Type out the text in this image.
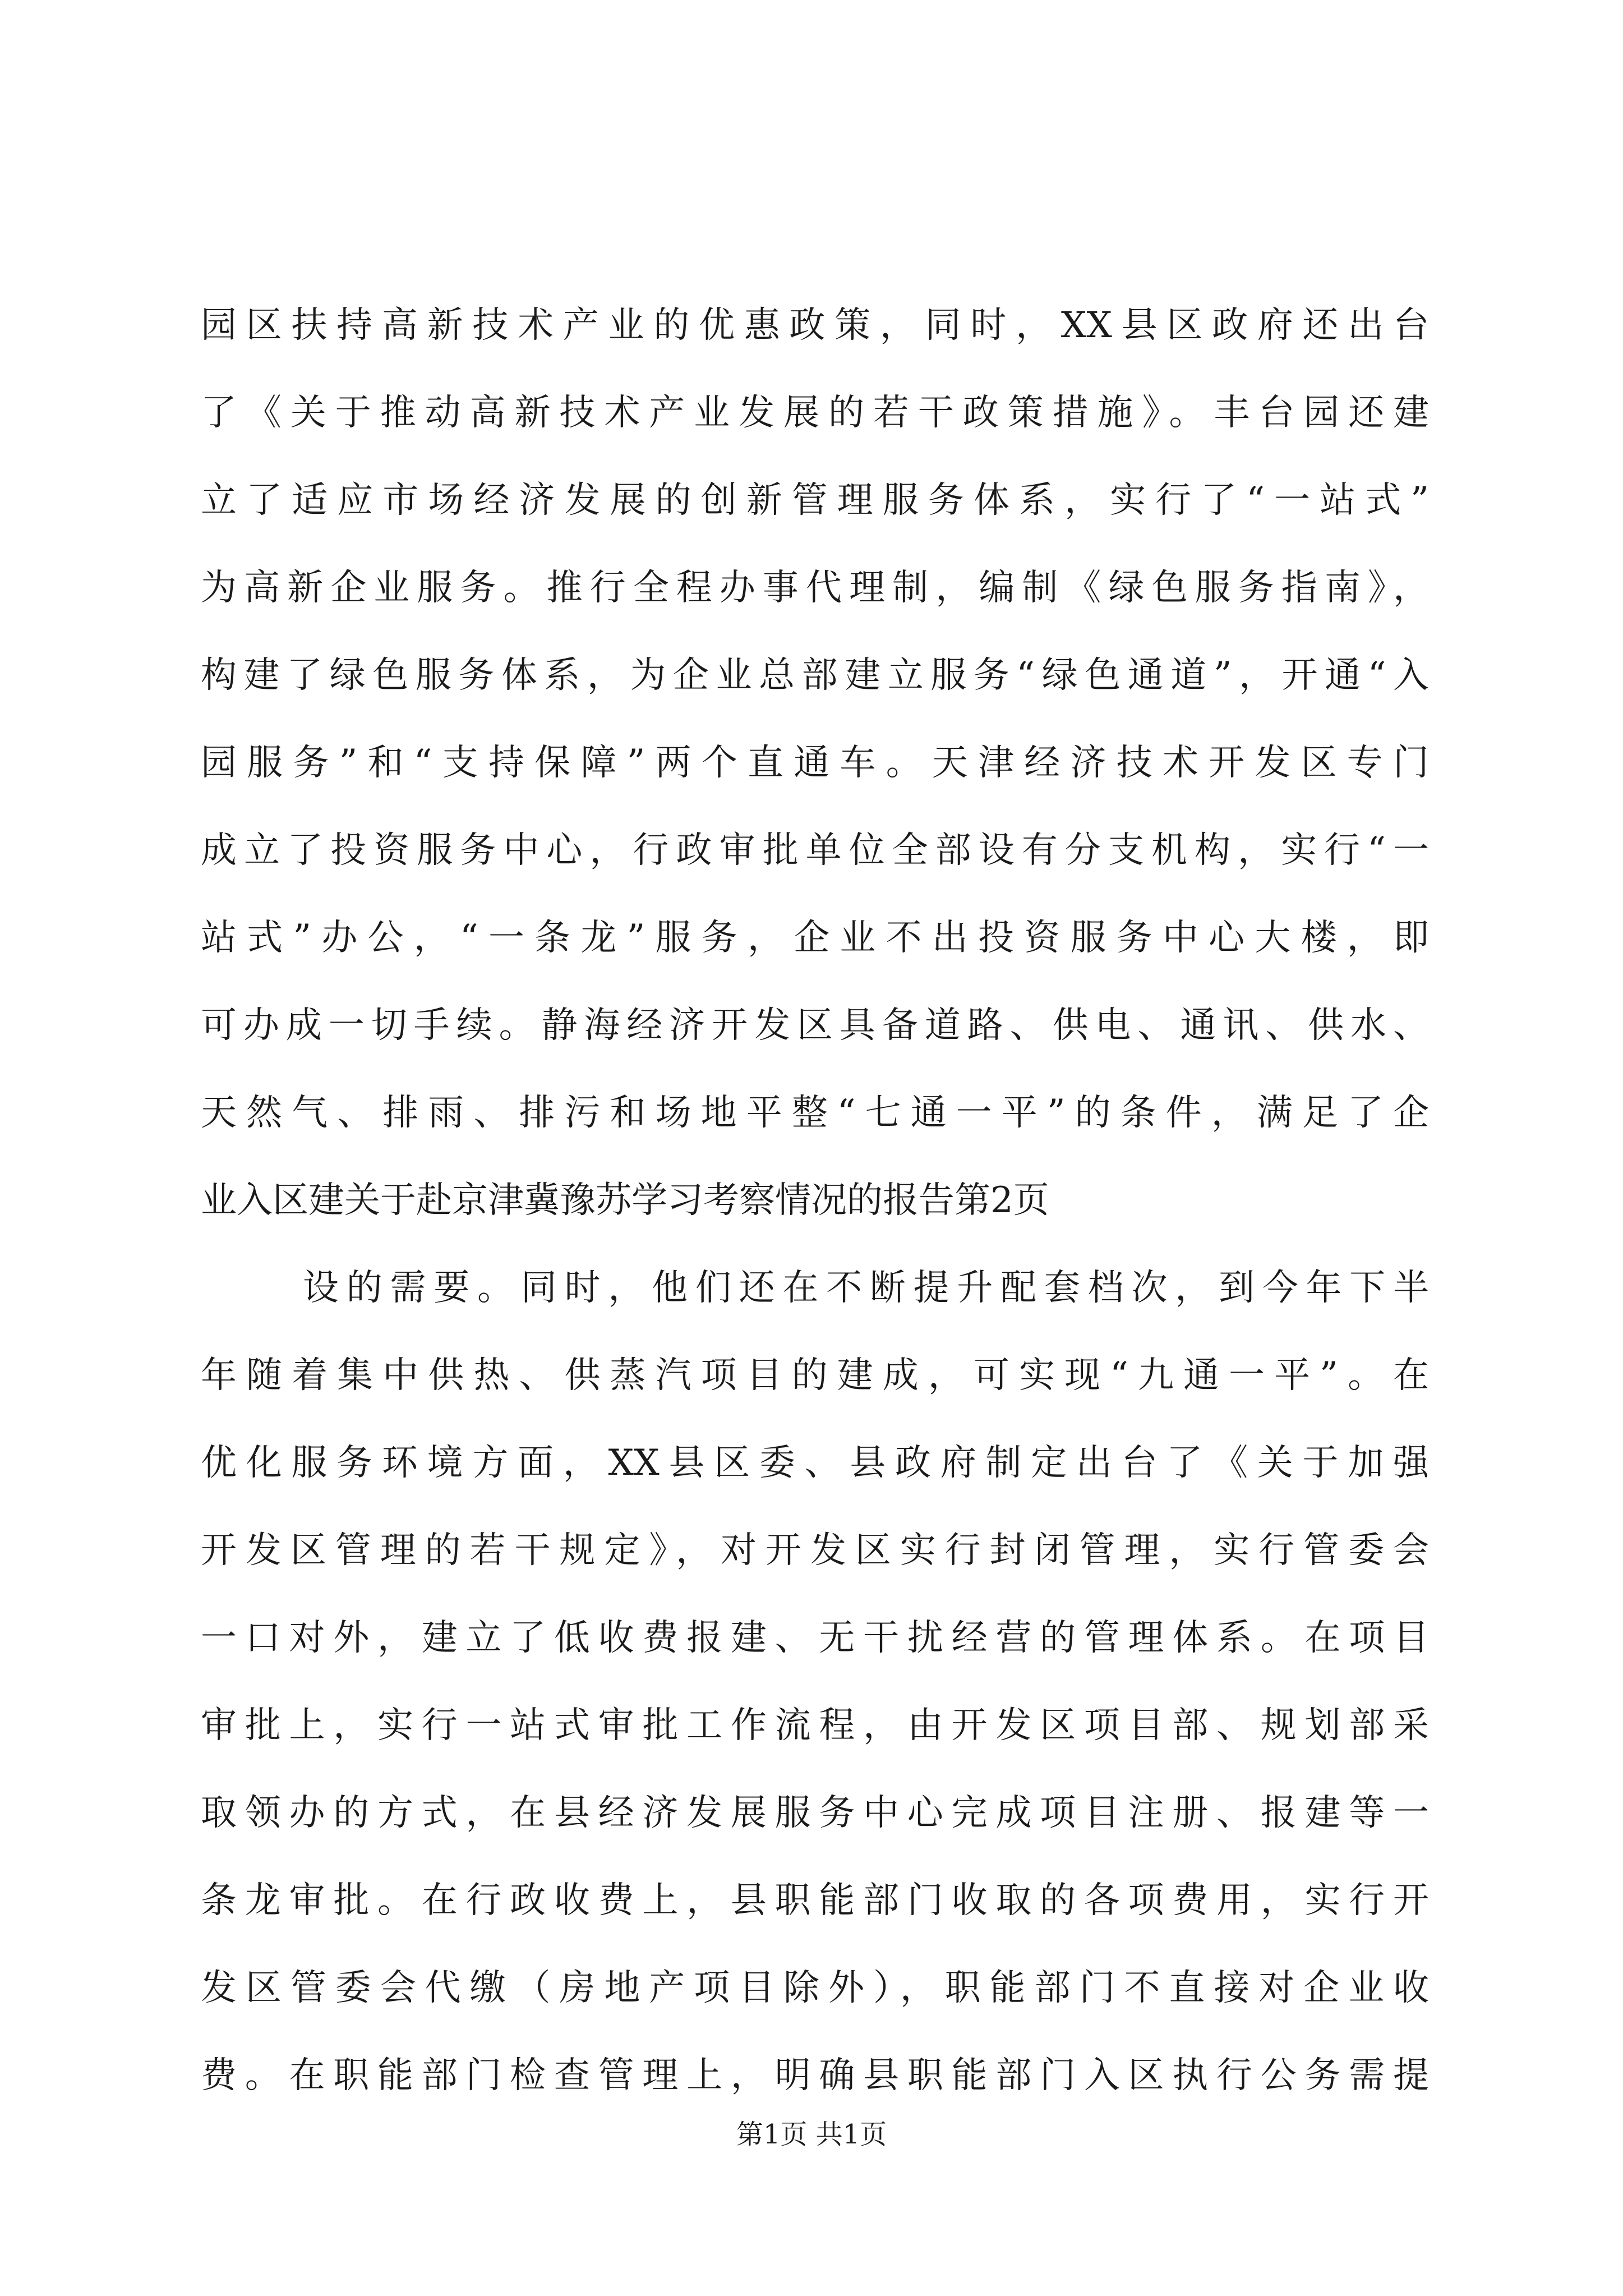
园区扶持高新技术产业的优惠政策，同时，XX县区政府还出台
了《关于推动高新技术产业发展的若干政策措施》。丰台园还建
立了适应市场经济发展的创新管理服务体系，实行了“一站式”
为高新企业服务。推行全程办事代理制，编制《绿色服务指南》，
构建了绿色服务体系，为企业总部建立服务“绿色通道”，开通“入
园服务”和“支持保障”两个直通车。天津经济技术开发区专门
成立了投资服务中心，行政审批单位全部设有分支机构，实行“一
站式”办公，“一条龙”服务，企业不出投资服务中心大楼，即
可办成一切手续。静海经济开发区具备道路、供电、通讯、供水、
天然气、排雨、排污和场地平整“七通一平”的条件，满足了企
业入区建关于赴京津冀豫苏学习考察情况的报告第2页
设的需要。同时，他们还在不断提升配套档次，到今年下半
年随着集中供热、供蒸汽项目的建成，可实现“九通一平”。在
优化服务环境方面，XX县区委、县政府制定出台了《关于加强
开发区管理的若干规定》，对开发区实行封闭管理，实行管委会
一口对外，建立了低收费报建、无干扰经营的管理体系。在项目
审批上，实行一站式审批工作流程，由开发区项目部、规划部采
取领办的方式，在县经济发展服务中心完成项目注册、报建等一
条龙审批。在行政收费上，县职能部门收取的各项费用，实行开
发区管委会代缴（房地产项目除外），职能部门不直接对企业收
费。在职能部门检查管理上，明确县职能部门入区执行公务需提
第1页 共1页
